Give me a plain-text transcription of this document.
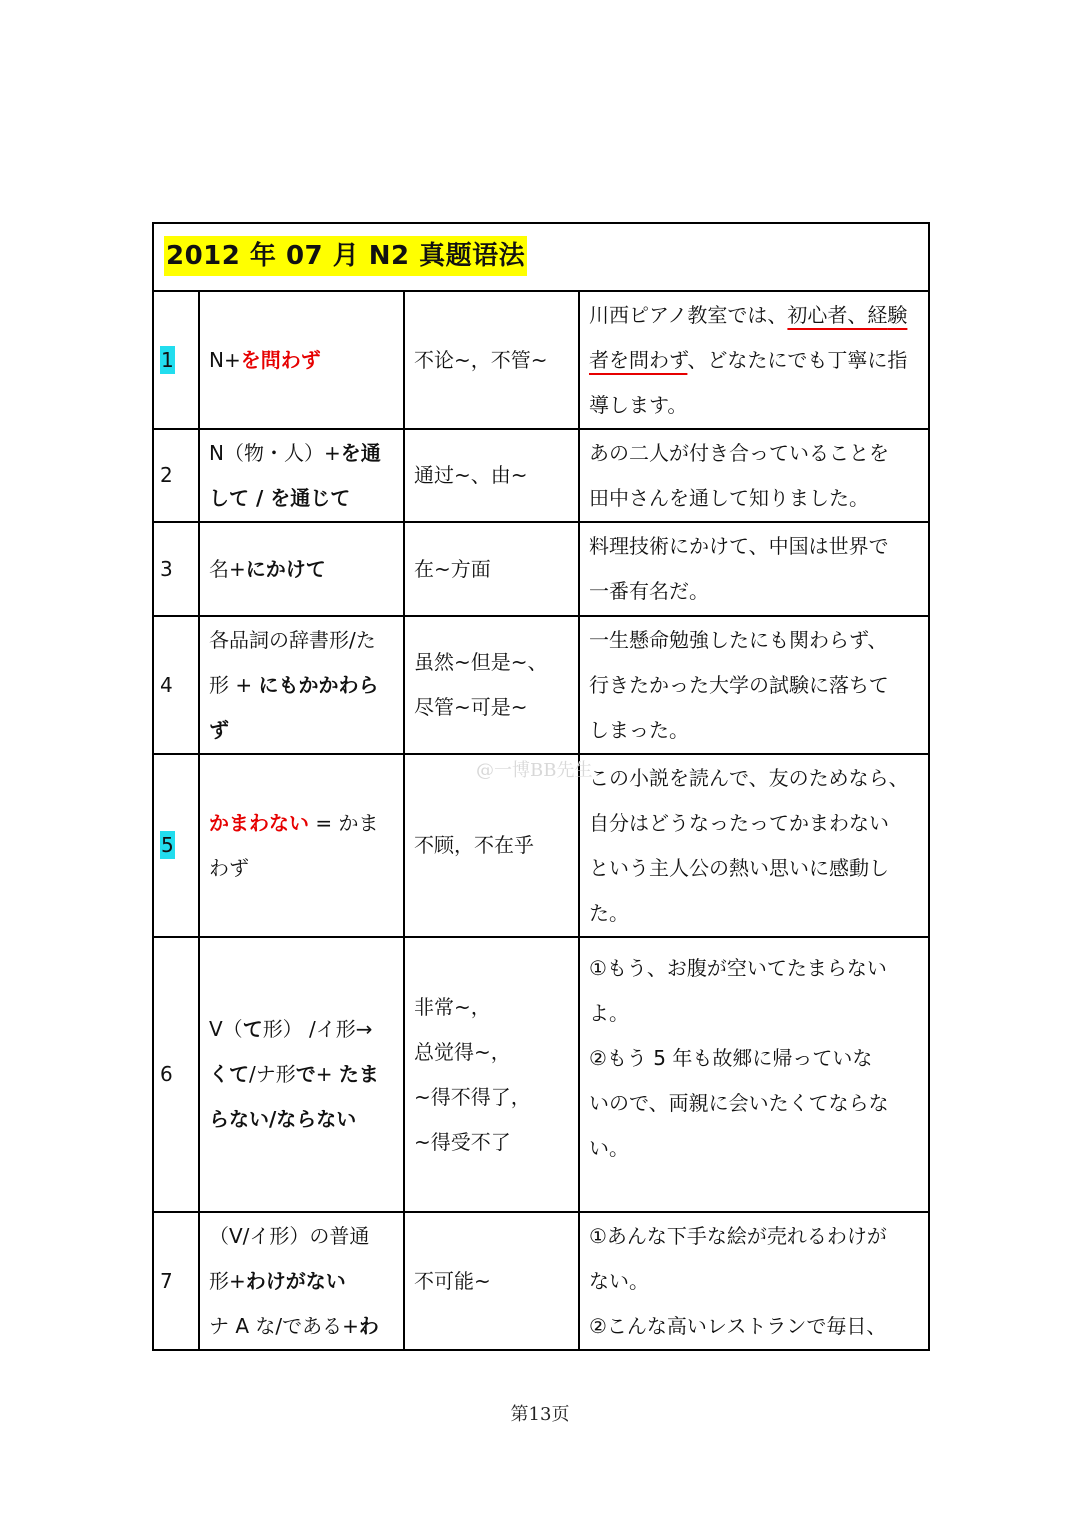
2012 年 07 月 N2 真题语法			
1	N+を問わず	不论~，不管~	川西ピアノ教室では、初心者、経験者を問わず、どなたにでも丁寧に指導します。
2	N（物・人）+を通して / を通じて	通过~、由~	あの二人が付き合っていることを
田中さんを通して知りました。
3	名+にかけて	在~方面	料理技術にかけて、中国は世界で
一番有名だ。
4	各品詞の辞書形/た
形 + にもかかわら
ず	虽然~但是~、
尽管~可是~	一生懸命勉強したにも関わらず、
行きたかった大学の試験に落ちて
しまった。
5	かまわない = かま
わず	不顾，不在乎	この小説を読んで、友のためなら、
自分はどうなったってかまわない
という主人公の熱い思いに感動し
た。
6	V（て形） /イ形→
くて/ナ形で+ たま
らない/ならない	非常~，
总觉得~，
~得不得了，
~得受不了	①もう、お腹が空いてたまらない
よ。
②もう 5 年も故郷に帰っていな
いので、両親に会いたくてならな
い。
7	（V/イ形）の普通
形+わけがない
ナ A な/である+わ	不可能~	①あんな下手な絵が売れるわけが
ない。
②こんな高いレストランで毎日、
@一博BB先生
第13页
